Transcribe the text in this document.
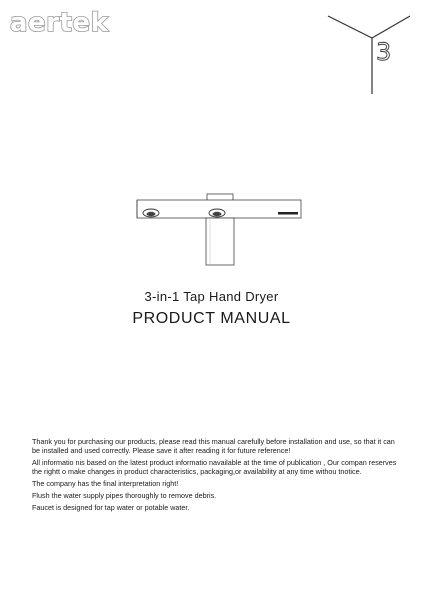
aertek
3
3-in-1 Tap Hand Dryer
PRODUCT MANUAL

Thank you for purchasing our products, please read this manual carefully before installation and use, so that it can be installed and used correctly. Please save it after reading it for future reference!

All informatio nis based on the latest product informatio navailable at the time of publication , Our compan reserves the rightt o make changes in product characteristics, packaging,or availability at any time withou tnotice.

The company has the final interpretation right!

Flush the water supply pipes thoroughly to remove debris.

Faucet is designed for tap water or potable water.
